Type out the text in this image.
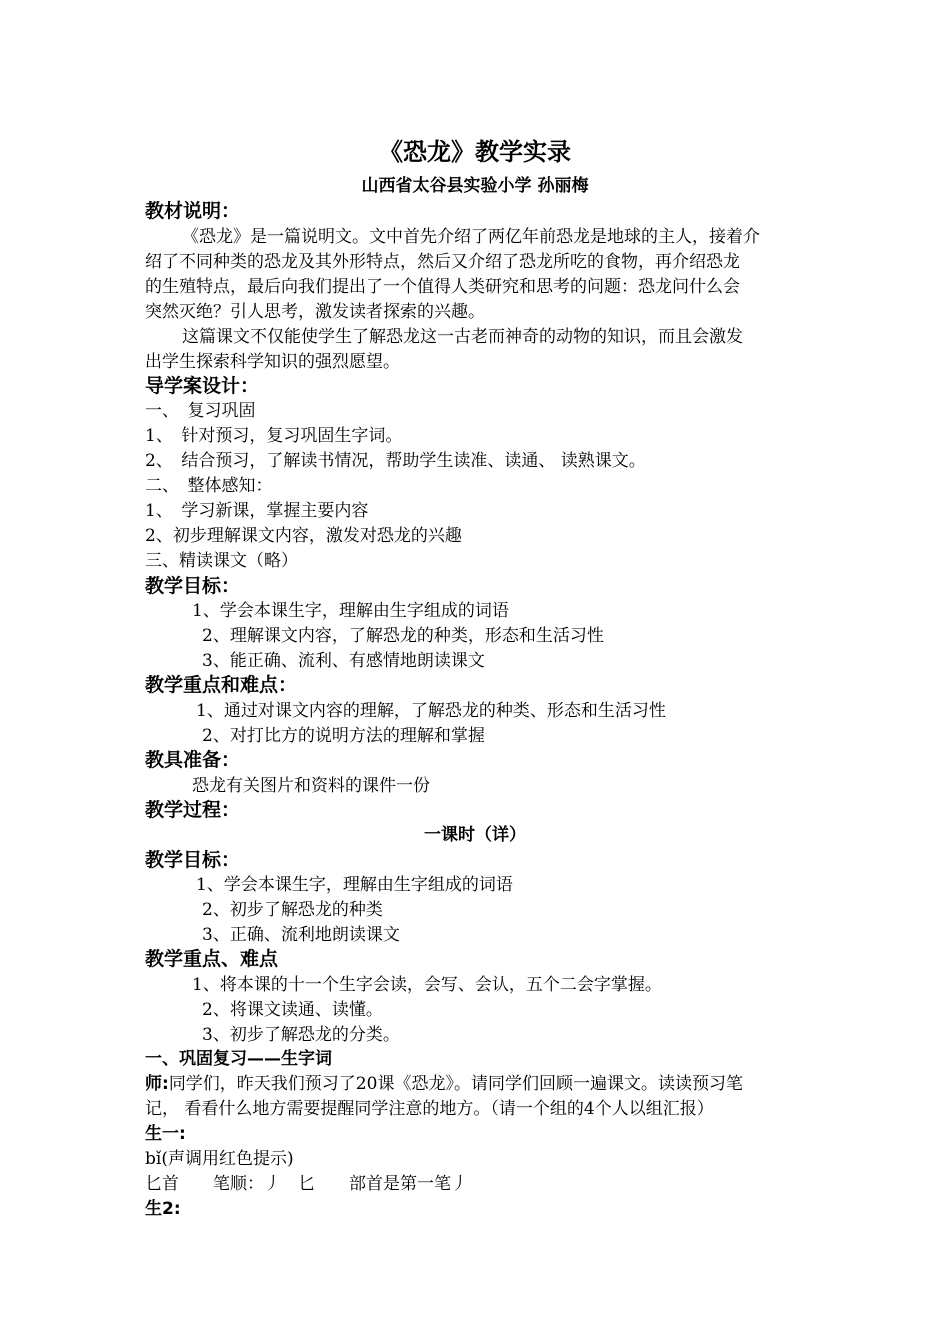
《恐龙》教学实录
山西省太谷县实验小学 孙丽梅
教材说明：
《恐龙》是一篇说明文。文中首先介绍了两亿年前恐龙是地球的主人，接着介
绍了不同种类的恐龙及其外形特点，然后又介绍了恐龙所吃的食物，再介绍恐龙
的生殖特点，最后向我们提出了一个值得人类研究和思考的问题：恐龙问什么会
突然灭绝？引人思考，激发读者探索的兴趣。
这篇课文不仅能使学生了解恐龙这一古老而神奇的动物的知识，而且会激发
出学生探索科学知识的强烈愿望。
导学案设计：
一、　复习巩固
1、　针对预习，复习巩固生字词。
2、　结合预习，了解读书情况，帮助学生读准、读通、 读熟课文。
二、　整体感知：
1、　学习新课，掌握主要内容
2、初步理解课文内容，激发对恐龙的兴趣
三、精读课文（略）
教学目标：
1、学会本课生字，理解由生字组成的词语
2、理解课文内容，了解恐龙的种类，形态和生活习性
3、能正确、流利、有感情地朗读课文
教学重点和难点：
1、通过对课文内容的理解，了解恐龙的种类、形态和生活习性
2、对打比方的说明方法的理解和掌握
教具准备：
恐龙有关图片和资料的课件一份
教学过程：
一课时（详）
教学目标：
1、学会本课生字，理解由生字组成的词语
2、初步了解恐龙的种类
3、正确、流利地朗读课文
教学重点、难点
1、将本课的十一个生字会读，会写、会认，五个二会字掌握。
2、将课文读通、读懂。
3、初步了解恐龙的分类。
一、巩固复习——生字词
师:同学们，昨天我们预习了20课《恐龙》。请同学们回顾一遍课文。读读预习笔
记， 看看什么地方需要提醒同学注意的地方。（请一个组的4个人以组汇报）
生一:
bǐ(声调用红色提示)
匕首　　笔顺：丿　匕　　部首是第一笔丿
生2:
